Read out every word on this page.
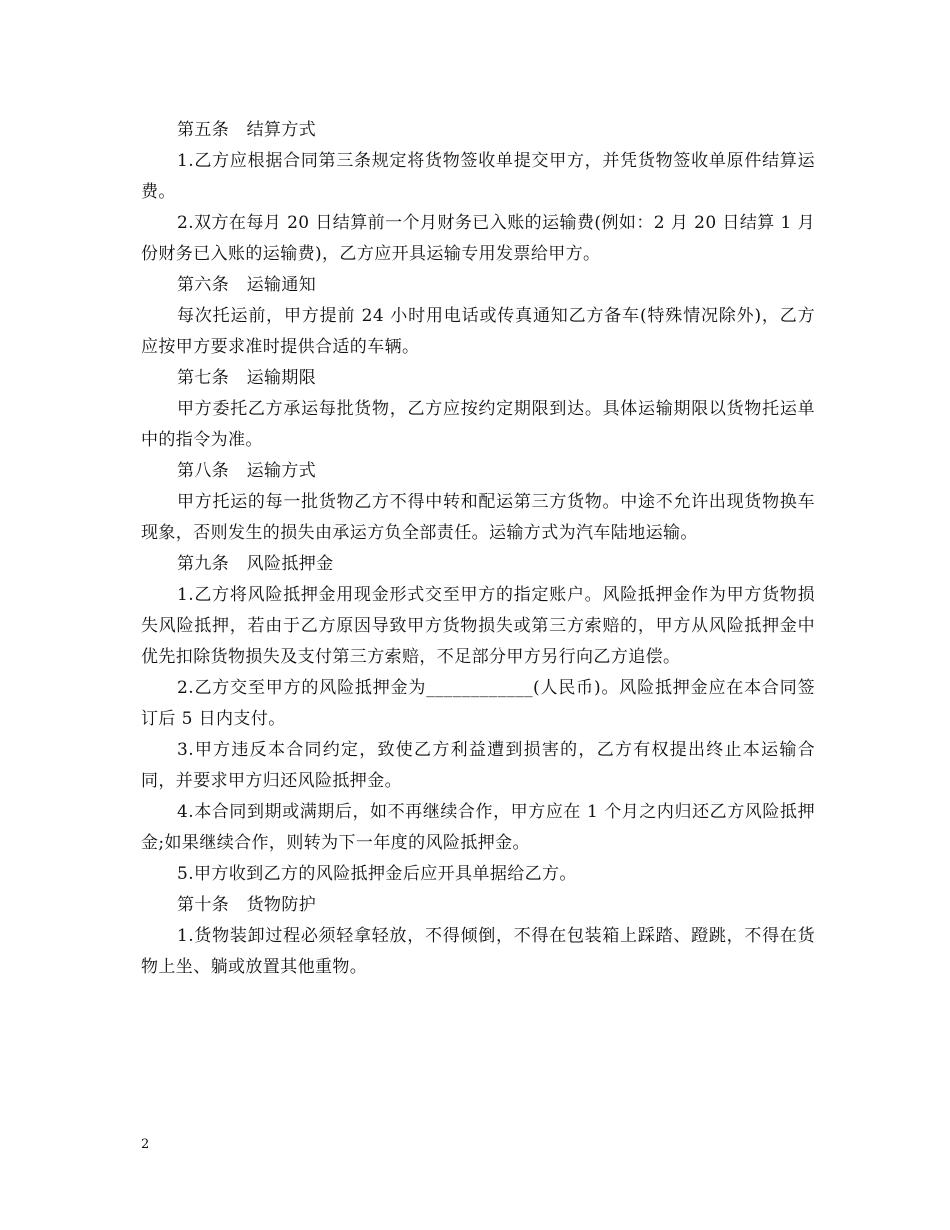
第五条　结算方式

1.乙方应根据合同第三条规定将货物签收单提交甲方，并凭货物签收单原件结算运费。

2.双方在每月 20 日结算前一个月财务已入账的运输费(例如：2 月 20 日结算 1 月份财务已入账的运输费)，乙方应开具运输专用发票给甲方。

第六条　运输通知

每次托运前，甲方提前 24 小时用电话或传真通知乙方备车(特殊情况除外)，乙方应按甲方要求准时提供合适的车辆。

第七条　运输期限

甲方委托乙方承运每批货物，乙方应按约定期限到达。具体运输期限以货物托运单中的指令为准。

第八条　运输方式

甲方托运的每一批货物乙方不得中转和配运第三方货物。中途不允许出现货物换车现象，否则发生的损失由承运方负全部责任。运输方式为汽车陆地运输。

第九条　风险抵押金

1.乙方将风险抵押金用现金形式交至甲方的指定账户。风险抵押金作为甲方货物损失风险抵押，若由于乙方原因导致甲方货物损失或第三方索赔的，甲方从风险抵押金中优先扣除货物损失及支付第三方索赔，不足部分甲方另行向乙方追偿。

2.乙方交至甲方的风险抵押金为____________(人民币)。风险抵押金应在本合同签订后 5 日内支付。

3.甲方违反本合同约定，致使乙方利益遭到损害的，乙方有权提出终止本运输合同，并要求甲方归还风险抵押金。

4.本合同到期或满期后，如不再继续合作，甲方应在 1 个月之内归还乙方风险抵押金;如果继续合作，则转为下一年度的风险抵押金。

5.甲方收到乙方的风险抵押金后应开具单据给乙方。

第十条　货物防护

1.货物装卸过程必须轻拿轻放，不得倾倒，不得在包装箱上踩踏、蹬跳，不得在货物上坐、躺或放置其他重物。

2
